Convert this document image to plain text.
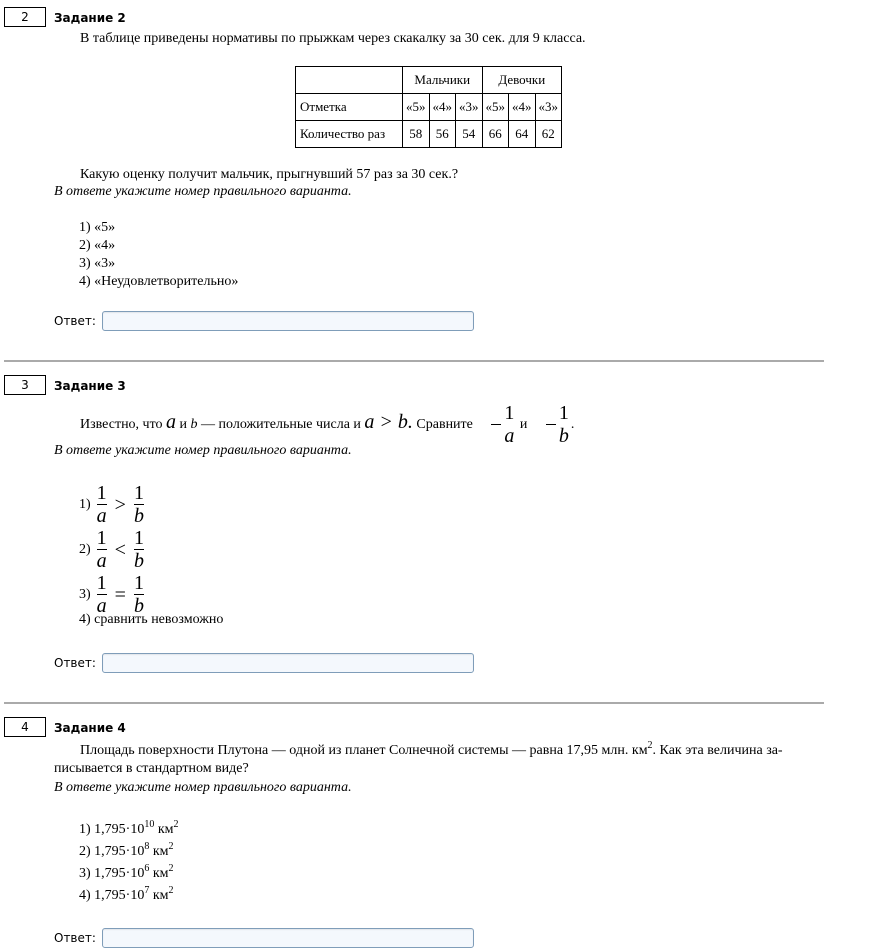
2	Задание 2
В таблице приведены нормативы по прыжкам через скакалку за 30 сек. для 9 класса.
	Мальчики			Девочки		
Отметка	«5»	«4»	«3»	«5»	«4»	«3»
Количество раз	58	56	54	66	64	62
Какую оценку получит мальчик, прыгнувший 57 раз за 30 сек.?
В ответе укажите номер правильного варианта.
1) «5»
2) «4»
3) «3»
4) «Неудовлетворительно»
Ответ:
3	Задание 3
Известно, что a и b — положительные числа и a > b. Сравните $\frac{1}{a}$ и $\frac{1}{b}$ .
В ответе укажите номер правильного варианта.
$1) \frac{1}{a} > \frac{1}{b}$
$2) \frac{1}{a} < \frac{1}{b}$
$3) \frac{1}{a} = \frac{1}{b}$
4) сравнить невозможно
Ответ:
4	Задание 4
Площадь поверхности Плутона — одной из планет Солнечной системы — равна 17,95 млн. $км^2$. Как эта величина за-
писывается в стандартном виде?
В ответе укажите номер правильного варианта.
1) $1,795\cdot 10^{10}$ $км^2$
2) $1,795\cdot 10^8$ $км^2$
3) $1,795\cdot 10^6$ $км^2$
4) $1,795\cdot 10^7$ $км^2$
Ответ:
